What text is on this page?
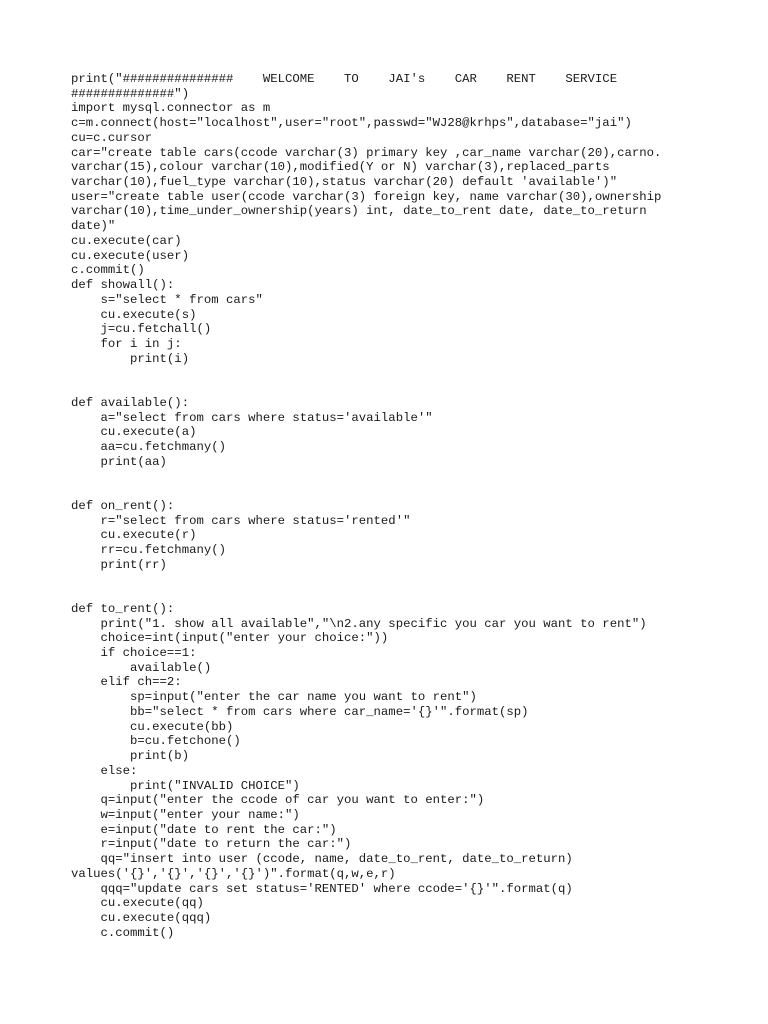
print("###############    WELCOME    TO    JAI's    CAR    RENT    SERVICE
##############")
import mysql.connector as m
c=m.connect(host="localhost",user="root",passwd="WJ28@krhps",database="jai")
cu=c.cursor
car="create table cars(ccode varchar(3) primary key ,car_name varchar(20),carno.
varchar(15),colour varchar(10),modified(Y or N) varchar(3),replaced_parts
varchar(10),fuel_type varchar(10),status varchar(20) default 'available')"
user="create table user(ccode varchar(3) foreign key, name varchar(30),ownership
varchar(10),time_under_ownership(years) int, date_to_rent date, date_to_return
date)"
cu.execute(car)
cu.execute(user)
c.commit()
def showall():
s="select * from cars"
cu.execute(s)
j=cu.fetchall()
for i in j:
print(i)
def available():
a="select from cars where status='available'"
cu.execute(a)
aa=cu.fetchmany()
print(aa)
def on_rent():
r="select from cars where status='rented'"
cu.execute(r)
rr=cu.fetchmany()
print(rr)
def to_rent():
print("1. show all available","\n2.any specific you car you want to rent")
choice=int(input("enter your choice:"))
if choice==1:
available()
elif ch==2:
sp=input("enter the car name you want to rent")
bb="select * from cars where car_name='{}'".format(sp)
cu.execute(bb)
b=cu.fetchone()
print(b)
else:
print("INVALID CHOICE")
q=input("enter the ccode of car you want to enter:")
w=input("enter your name:")
e=input("date to rent the car:")
r=input("date to return the car:")
qq="insert into user (ccode, name, date_to_rent, date_to_return)
values('{}','{}','{}','{}')".format(q,w,e,r)
qqq="update cars set status='RENTED' where ccode='{}'".format(q)
cu.execute(qq)
cu.execute(qqq)
c.commit()
